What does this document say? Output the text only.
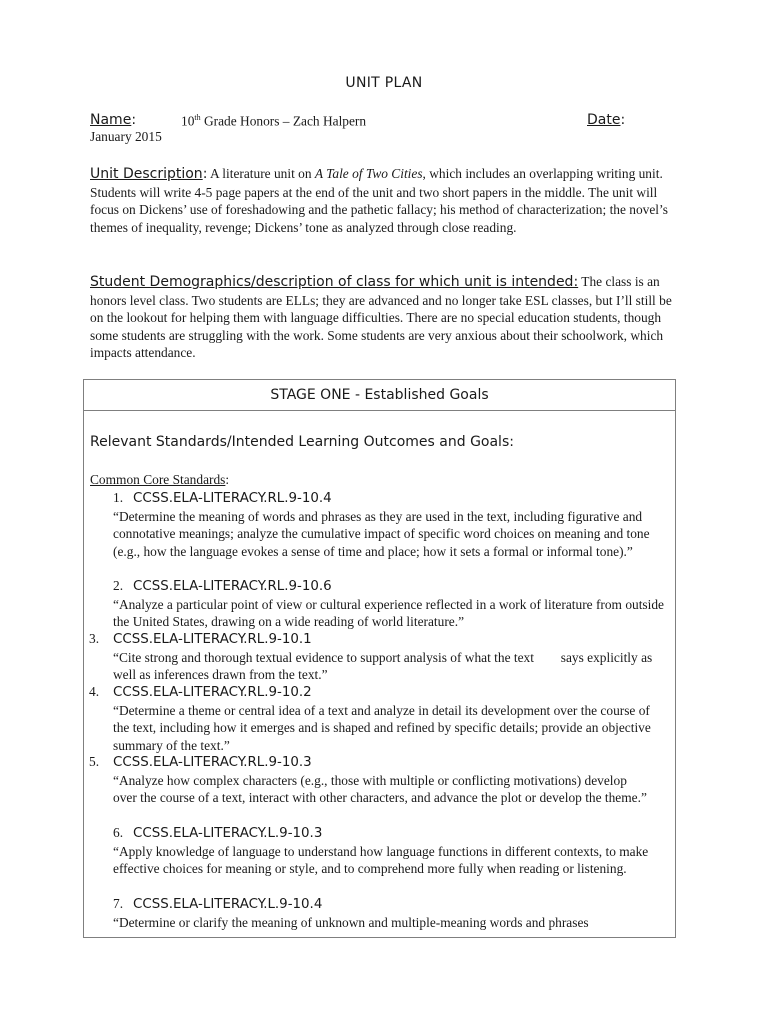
UNIT PLAN
Name:	10th Grade Honors – Zach Halpern	Date:
January 2015
Unit Description: A literature unit on A Tale of Two Cities, which includes an overlapping writing unit. Students will write 4-5 page papers at the end of the unit and two short papers in the middle. The unit will focus on Dickens’ use of foreshadowing and the pathetic fallacy; his method of characterization; the novel’s themes of inequality, revenge; Dickens’ tone as analyzed through close reading.
Student Demographics/description of class for which unit is intended: The class is an honors level class. Two students are ELLs; they are advanced and no longer take ESL classes, but I’ll still be on the lookout for helping them with language difficulties. There are no special education students, though some students are struggling with the work. Some students are very anxious about their schoolwork, which impacts attendance.
STAGE ONE - Established Goals
Relevant Standards/Intended Learning Outcomes and Goals:
Common Core Standards:
1. CCSS.ELA-LITERACY.RL.9-10.4
“Determine the meaning of words and phrases as they are used in the text, including figurative and connotative meanings; analyze the cumulative impact of specific word choices on meaning and tone (e.g., how the language evokes a sense of time and place; how it sets a formal or informal tone).”
2. CCSS.ELA-LITERACY.RL.9-10.6
“Analyze a particular point of view or cultural experience reflected in a work of literature from outside the United States, drawing on a wide reading of world literature.”
3. CCSS.ELA-LITERACY.RL.9-10.1
“Cite strong and thorough textual evidence to support analysis of what the text        says explicitly as well as inferences drawn from the text.”
4. CCSS.ELA-LITERACY.RL.9-10.2
“Determine a theme or central idea of a text and analyze in detail its development over the course of the text, including how it emerges and is shaped and refined by specific details; provide an objective summary of the text.”
5. CCSS.ELA-LITERACY.RL.9-10.3
“Analyze how complex characters (e.g., those with multiple or conflicting motivations) develop over the course of a text, interact with other characters, and advance the plot or develop the theme.”
6. CCSS.ELA-LITERACY.L.9-10.3
“Apply knowledge of language to understand how language functions in different contexts, to make effective choices for meaning or style, and to comprehend more fully when reading or listening.
7. CCSS.ELA-LITERACY.L.9-10.4
“Determine or clarify the meaning of unknown and multiple-meaning words and phrases
